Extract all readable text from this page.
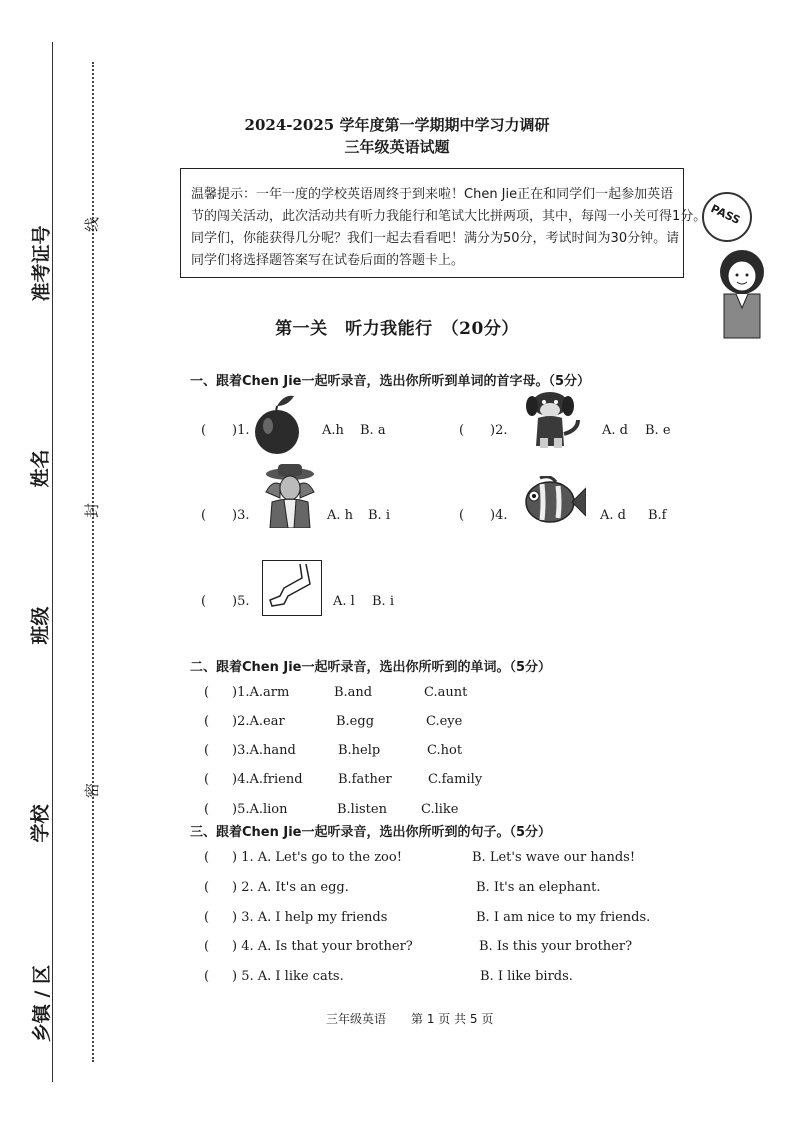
准考证号
姓名
班级
学校
乡镇 / 区
线
封
密
2024-2025 学年度第一学期期中学习力调研
三年级英语试题
温馨提示：一年一度的学校英语周终于到来啦！Chen Jie正在和同学们一起参加英语
节的闯关活动，此次活动共有听力我能行和笔试大比拼两项，其中，每闯一小关可得1分。
同学们，你能获得几分呢？我们一起去看看吧！满分为50分，考试时间为30分钟。请
同学们将选择题答案写在试卷后面的答题卡上。
PASS
第一关　听力我能行　（20分）
一、跟着Chen Jie一起听录音，选出你所听到单词的首字母。（5分）
( )1.	A.h B. a	( )2.	A. d B. e
( )3.	A. h B. i	( )4.	A. d B.f
( )5.	A. l B. i
二、跟着Chen Jie一起听录音，选出你所听到的单词。（5分）
( )1.A.arm	B.and	C.aunt
( )2.A.ear	B.egg	C.eye
( )3.A.hand	B.help	C.hot
( )4.A.friend	B.father	C.family
( )5.A.lion	B.listen	C.like
三、跟着Chen Jie一起听录音，选出你所听到的句子。（5分）
( ) 1. A. Let's go to the zoo!	B. Let's wave our hands!
( ) 2. A. It's an egg.	B. It's an elephant.
( ) 3. A. I help my friends	B. I am nice to my friends.
( ) 4. A. Is that your brother?	B. Is this your brother?
( ) 5. A. I like cats.	B. I like birds.
三年级英语 第 1 页 共 5 页
